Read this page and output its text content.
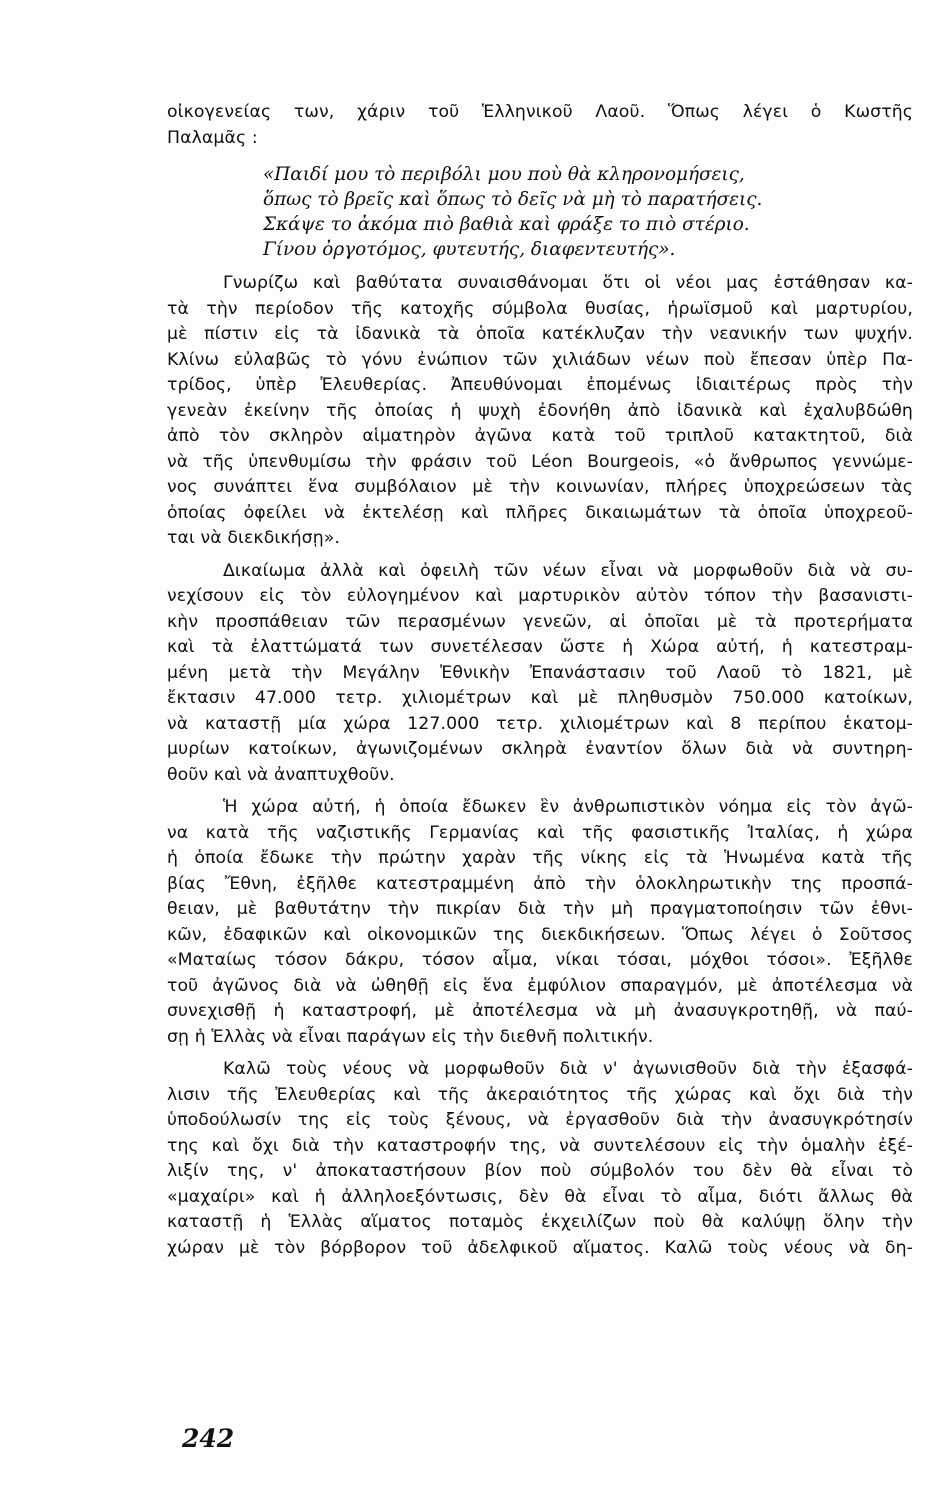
οἰκογενείας των, χάριν τοῦ Ἑλληνικοῦ Λαοῦ. Ὅπως λέγει ὁ Κωστῆς
Παλαμᾶς :
«Παιδί μου τὸ περιβόλι μου ποὺ θὰ κληρονομήσεις,
ὅπως τὸ βρεῖς καὶ ὅπως τὸ δεῖς νὰ μὴ τὸ παρατήσεις.
Σκάψε το ἀκόμα πιὸ βαθιὰ καὶ φράξε το πιὸ στέριο.
Γίνου ὀργοτόμος, φυτευτής, διαφεντευτής».
Γνωρίζω καὶ βαθύτατα συναισθάνομαι ὅτι οἱ νέοι μας ἐστάθησαν κα-
τὰ τὴν περίοδον τῆς κατοχῆς σύμβολα θυσίας, ἡρωϊσμοῦ καὶ μαρτυρίου,
μὲ πίστιν εἰς τὰ ἰδανικὰ τὰ ὁποῖα κατέκλυζαν τὴν νεανικήν των ψυχήν.
Κλίνω εὐλαβῶς τὸ γόνυ ἐνώπιον τῶν χιλιάδων νέων ποὺ ἔπεσαν ὑπὲρ Πα-
τρίδος, ὑπὲρ Ἐλευθερίας. Ἀπευθύνομαι ἐπομένως ἰδιαιτέρως πρὸς τὴν
γενεὰν ἐκείνην τῆς ὁποίας ἡ ψυχὴ ἐδονήθη ἀπὸ ἰδανικὰ καὶ ἐχαλυβδώθη
ἀπὸ τὸν σκληρὸν αἱματηρὸν ἀγῶνα κατὰ τοῦ τριπλοῦ κατακτητοῦ, διὰ
νὰ τῆς ὑπενθυμίσω τὴν φράσιν τοῦ Léon Bourgeois, «ὁ ἄνθρωπος γεννώμε-
νος συνάπτει ἕνα συμβόλαιον μὲ τὴν κοινωνίαν, πλήρες ὑποχρεώσεων τὰς
ὁποίας ὀφείλει νὰ ἐκτελέσῃ καὶ πλῆρες δικαιωμάτων τὰ ὁποῖα ὑποχρεοῦ-
ται νὰ διεκδικήσῃ».
Δικαίωμα ἀλλὰ καὶ ὀφειλὴ τῶν νέων εἶναι νὰ μορφωθοῦν διὰ νὰ συ-
νεχίσουν εἰς τὸν εὐλογημένον καὶ μαρτυρικὸν αὐτὸν τόπον τὴν βασανιστι-
κὴν προσπάθειαν τῶν περασμένων γενεῶν, αἱ ὁποῖαι μὲ τὰ προτερήματα
καὶ τὰ ἐλαττώματά των συνετέλεσαν ὥστε ἡ Χώρα αὐτή, ἡ κατεστραμ-
μένη μετὰ τὴν Μεγάλην Ἐθνικὴν Ἐπανάστασιν τοῦ Λαοῦ τὸ 1821, μὲ
ἔκτασιν 47.000 τετρ. χιλιομέτρων καὶ μὲ πληθυσμὸν 750.000 κατοίκων,
νὰ καταστῇ μία χώρα 127.000 τετρ. χιλιομέτρων καὶ 8 περίπου ἑκατομ-
μυρίων κατοίκων, ἀγωνιζομένων σκληρὰ ἐναντίον ὅλων διὰ νὰ συντηρη-
θοῦν καὶ νὰ ἀναπτυχθοῦν.
Ἡ χώρα αὐτή, ἡ ὁποία ἔδωκεν ἓν ἀνθρωπιστικὸν νόημα εἰς τὸν ἀγῶ-
να κατὰ τῆς ναζιστικῆς Γερμανίας καὶ τῆς φασιστικῆς Ἰταλίας, ἡ χώρα
ἡ ὁποία ἔδωκε τὴν πρώτην χαρὰν τῆς νίκης εἰς τὰ Ἡνωμένα κατὰ τῆς
βίας Ἔθνη, ἐξῆλθε κατεστραμμένη ἀπὸ τὴν ὁλοκληρωτικὴν της προσπά-
θειαν, μὲ βαθυτάτην τὴν πικρίαν διὰ τὴν μὴ πραγματοποίησιν τῶν ἐθνι-
κῶν, ἐδαφικῶν καὶ οἰκονομικῶν της διεκδικήσεων. Ὅπως λέγει ὁ Σοῦτσος
«Ματαίως τόσον δάκρυ, τόσον αἷμα, νίκαι τόσαι, μόχθοι τόσοι». Ἐξῆλθε
τοῦ ἀγῶνος διὰ νὰ ὠθηθῇ εἰς ἕνα ἐμφύλιον σπαραγμόν, μὲ ἀποτέλεσμα νὰ
συνεχισθῇ ἡ καταστροφή, μὲ ἀποτέλεσμα νὰ μὴ ἀνασυγκροτηθῇ, νὰ παύ-
σῃ ἡ Ἑλλὰς νὰ εἶναι παράγων εἰς τὴν διεθνῆ πολιτικήν.
Καλῶ τοὺς νέους νὰ μορφωθοῦν διὰ ν' ἀγωνισθοῦν διὰ τὴν ἐξασφά-
λισιν τῆς Ἐλευθερίας καὶ τῆς ἀκεραιότητος τῆς χώρας καὶ ὄχι διὰ τὴν
ὑποδούλωσίν της εἰς τοὺς ξένους, νὰ ἐργασθοῦν διὰ τὴν ἀνασυγκρότησίν
της καὶ ὄχι διὰ τὴν καταστροφήν της, νὰ συντελέσουν εἰς τὴν ὁμαλὴν ἐξέ-
λιξίν της, ν' ἀποκαταστήσουν βίον ποὺ σύμβολόν του δὲν θὰ εἶναι τὸ
«μαχαίρι» καὶ ἡ ἀλληλοεξόντωσις, δὲν θὰ εἶναι τὸ αἷμα, διότι ἄλλως θὰ
καταστῇ ἡ Ἑλλὰς αἵματος ποταμὸς ἐκχειλίζων ποὺ θὰ καλύψῃ ὅλην τὴν
χώραν μὲ τὸν βόρβορον τοῦ ἀδελφικοῦ αἵματος. Καλῶ τοὺς νέους νὰ δη-
242
